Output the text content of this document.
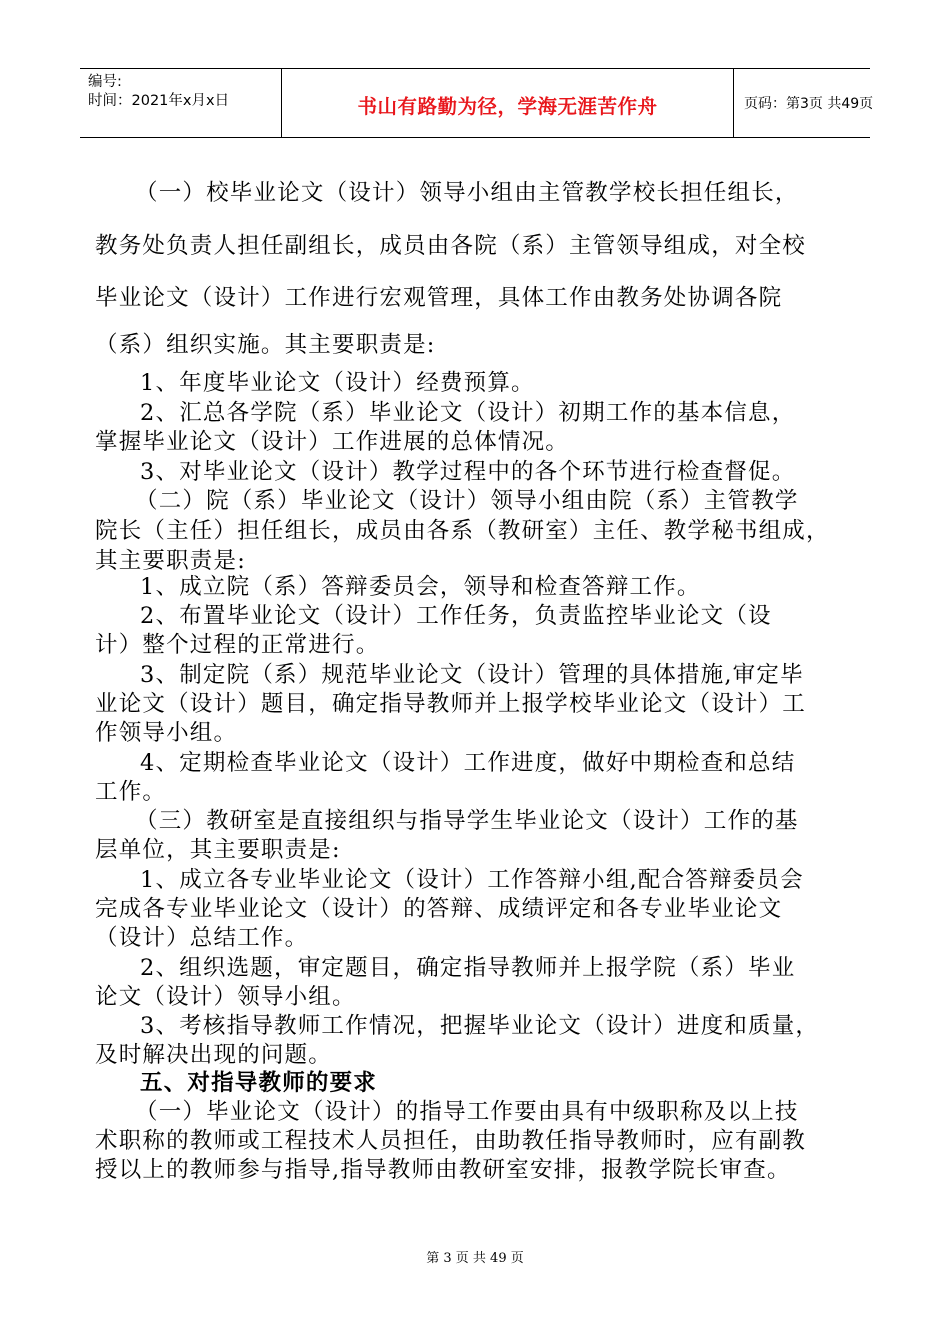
编号:
时间：2021年x月x日	书山有路勤为径，学海无涯苦作舟	页码：第3页 共49页
（一）校毕业论文（设计）领导小组由主管教学校长担任组长，
教务处负责人担任副组长，成员由各院（系）主管领导组成，对全校
毕业论文（设计）工作进行宏观管理，具体工作由教务处协调各院
（系）组织实施。其主要职责是:
1、年度毕业论文（设计）经费预算。
2、汇总各学院（系）毕业论文（设计）初期工作的基本信息，
掌握毕业论文（设计）工作进展的总体情况。
3、对毕业论文（设计）教学过程中的各个环节进行检查督促。
（二）院（系）毕业论文（设计）领导小组由院（系）主管教学
院长（主任）担任组长，成员由各系（教研室）主任、教学秘书组成，
其主要职责是:
1、成立院（系）答辩委员会，领导和检查答辩工作。
2、布置毕业论文（设计）工作任务，负责监控毕业论文（设
计）整个过程的正常进行。
3、制定院（系）规范毕业论文（设计）管理的具体措施,审定毕
业论文（设计）题目，确定指导教师并上报学校毕业论文（设计）工
作领导小组。
4、定期检查毕业论文（设计）工作进度，做好中期检查和总结
工作。
（三）教研室是直接组织与指导学生毕业论文（设计）工作的基
层单位，其主要职责是:
1、成立各专业毕业论文（设计）工作答辩小组,配合答辩委员会
完成各专业毕业论文（设计）的答辩、成绩评定和各专业毕业论文
（设计）总结工作。
2、组织选题，审定题目，确定指导教师并上报学院（系）毕业
论文（设计）领导小组。
3、考核指导教师工作情况，把握毕业论文（设计）进度和质量，
及时解决出现的问题。
五、对指导教师的要求
（一）毕业论文（设计）的指导工作要由具有中级职称及以上技
术职称的教师或工程技术人员担任，由助教任指导教师时，应有副教
授以上的教师参与指导,指导教师由教研室安排，报教学院长审查。
第 3 页 共 49 页
